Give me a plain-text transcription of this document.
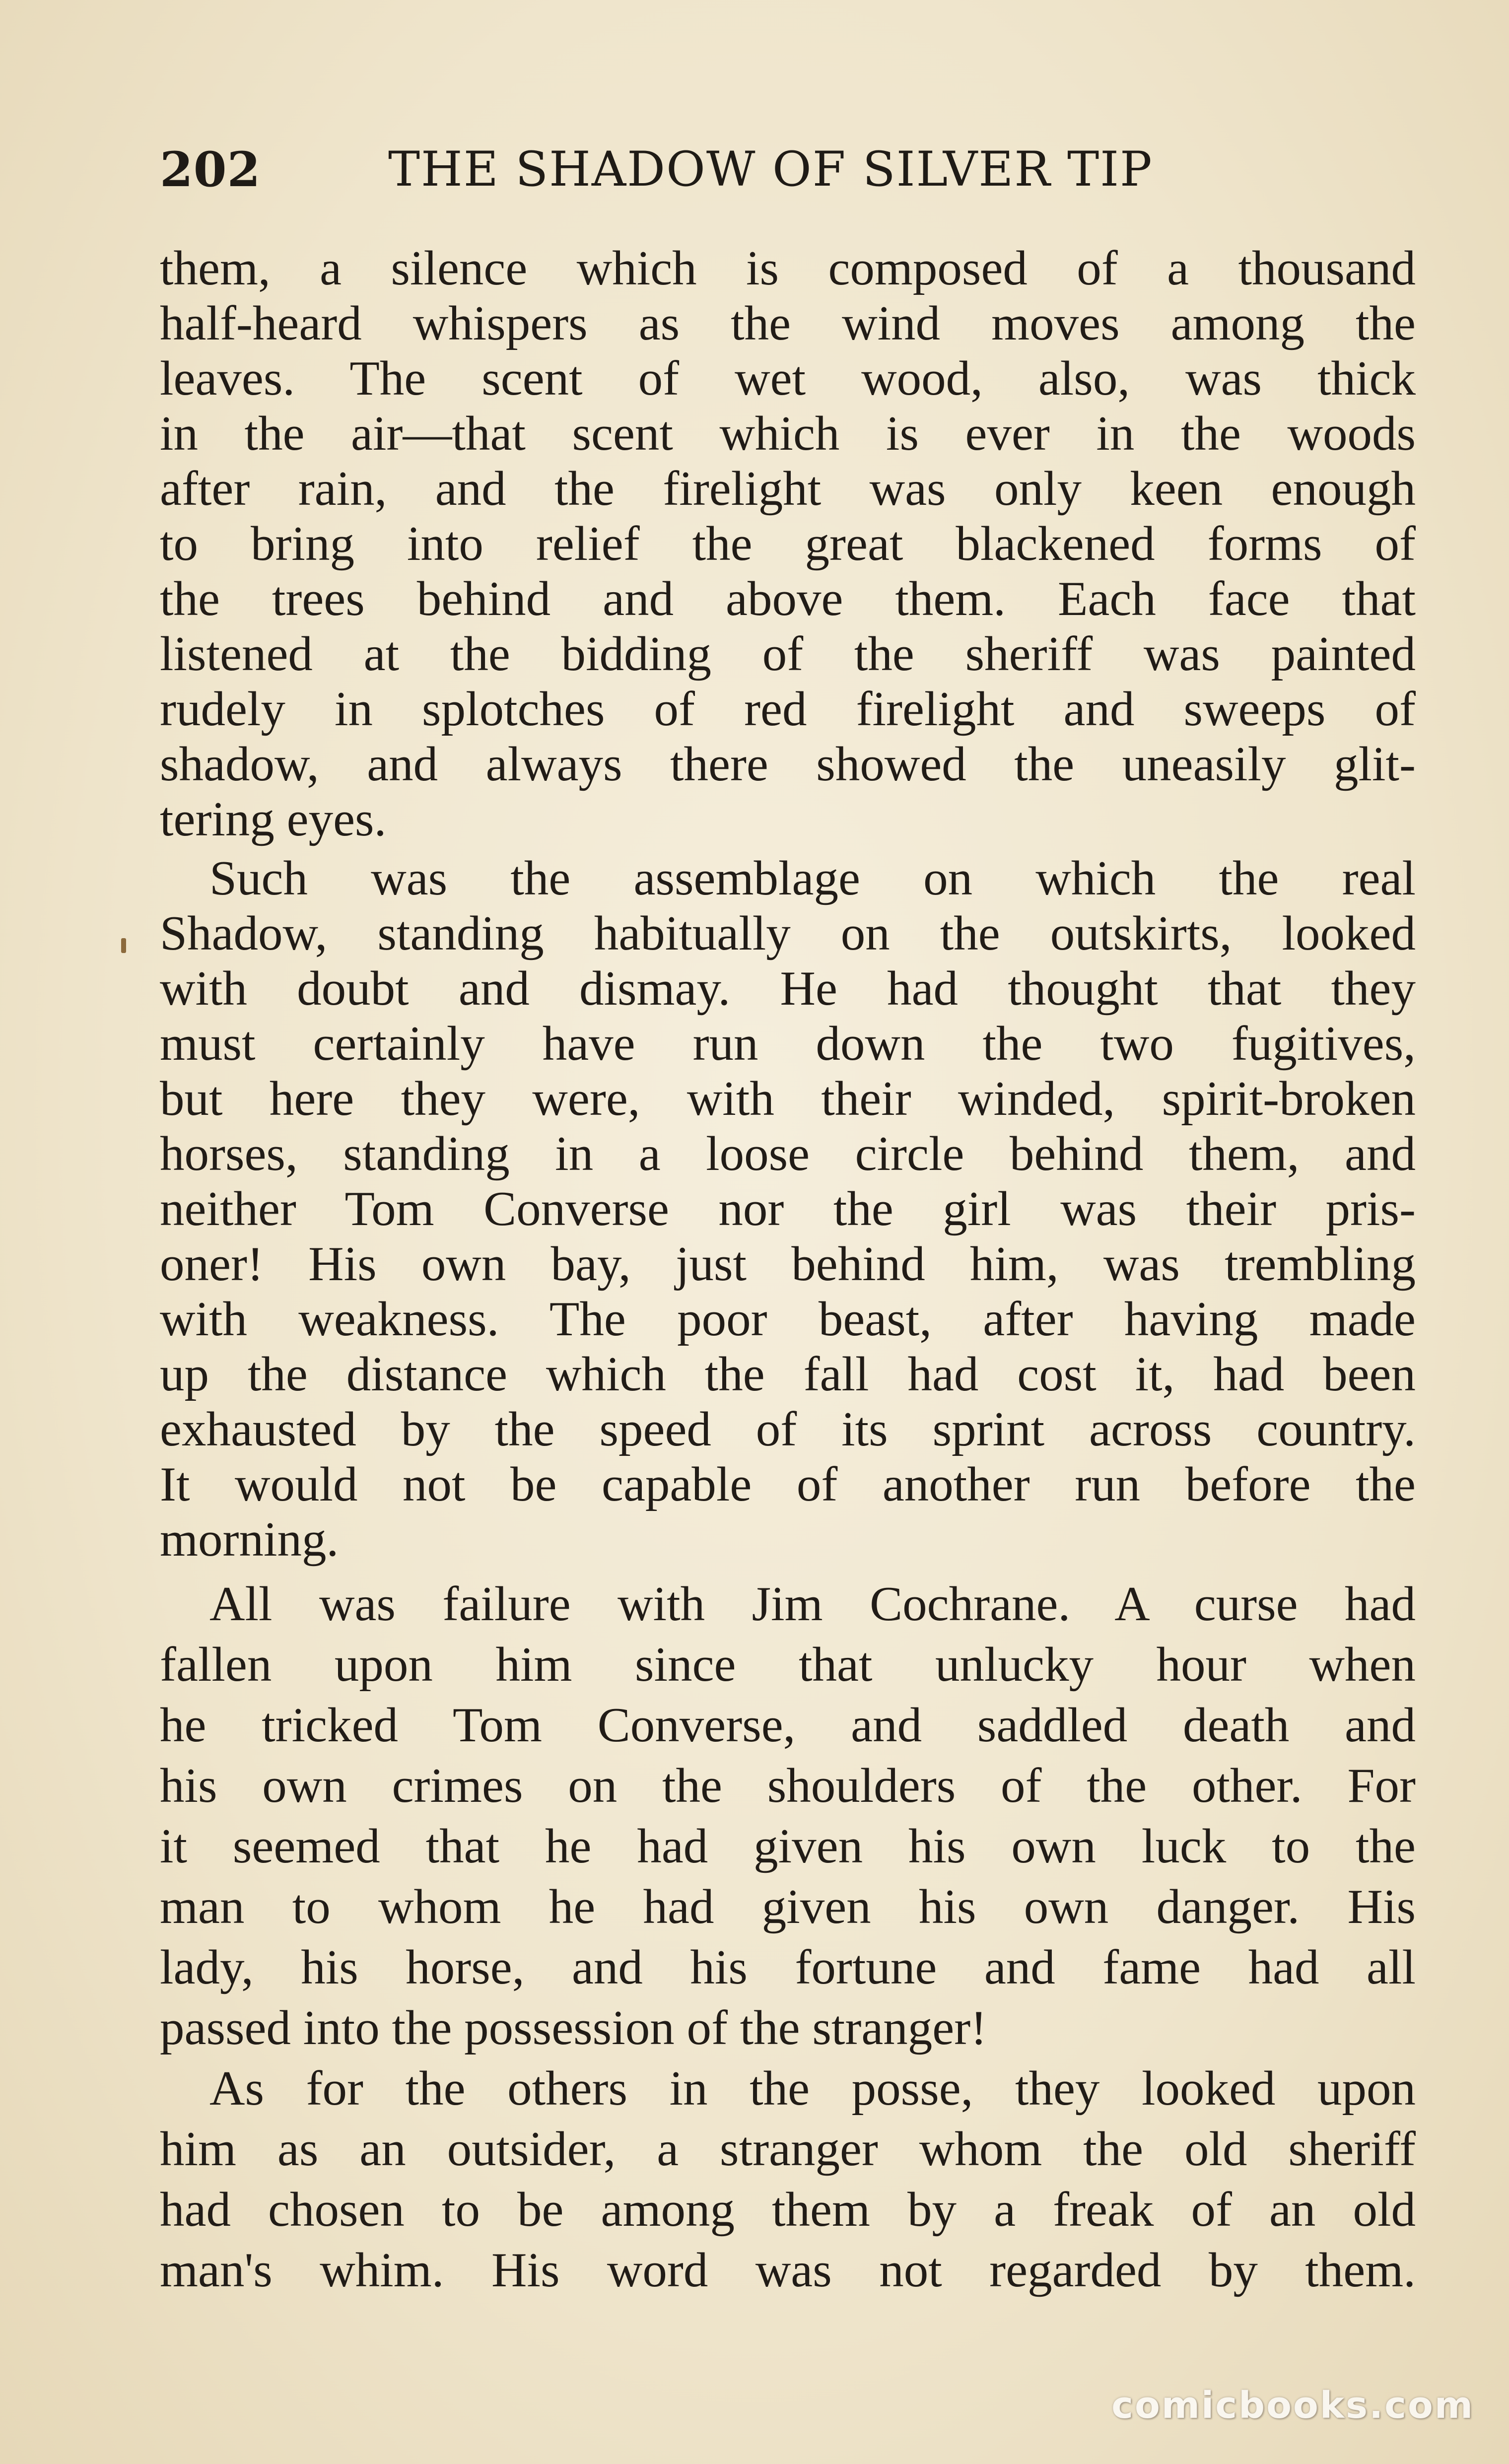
202	THE SHADOW OF SILVER TIP
them, a silence which is composed of a thousand
half-heard whispers as the wind moves among the
leaves. The scent of wet wood, also, was thick
in the air—that scent which is ever in the woods
after rain, and the firelight was only keen enough
to bring into relief the great blackened forms of
the trees behind and above them. Each face that
listened at the bidding of the sheriff was painted
rudely in splotches of red firelight and sweeps of
shadow, and always there showed the uneasily glit-
tering eyes.
Such was the assemblage on which the real
Shadow, standing habitually on the outskirts, looked
with doubt and dismay. He had thought that they
must certainly have run down the two fugitives,
but here they were, with their winded, spirit-broken
horses, standing in a loose circle behind them, and
neither Tom Converse nor the girl was their pris-
oner! His own bay, just behind him, was trembling
with weakness. The poor beast, after having made
up the distance which the fall had cost it, had been
exhausted by the speed of its sprint across country.
It would not be capable of another run before the
morning.
All was failure with Jim Cochrane. A curse had
fallen upon him since that unlucky hour when
he tricked Tom Converse, and saddled death and
his own crimes on the shoulders of the other. For
it seemed that he had given his own luck to the
man to whom he had given his own danger. His
lady, his horse, and his fortune and fame had all
passed into the possession of the stranger!
As for the others in the posse, they looked upon
him as an outsider, a stranger whom the old sheriff
had chosen to be among them by a freak of an old
man's whim. His word was not regarded by them.
comicbooks.com
